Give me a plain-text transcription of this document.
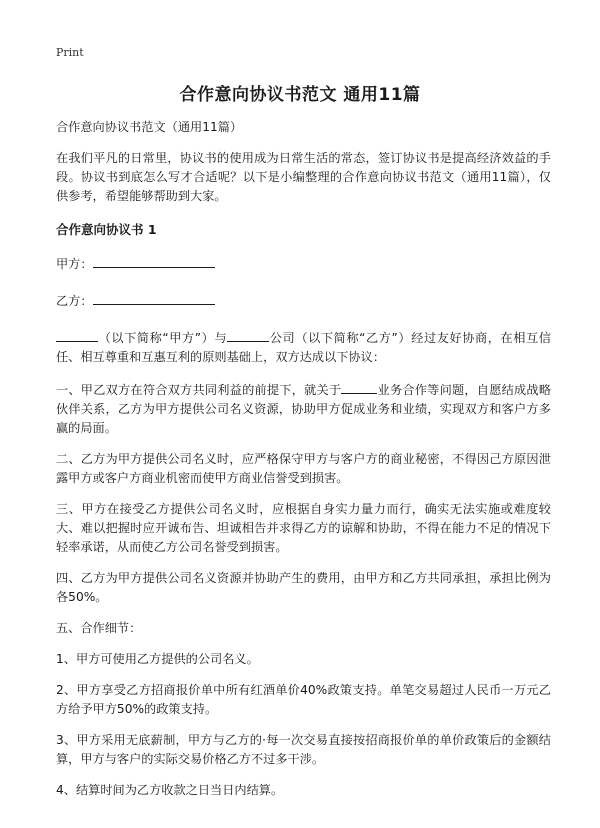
Print
合作意向协议书范文 通用11篇

合作意向协议书范文（通用11篇）

在我们平凡的日常里，协议书的使用成为日常生活的常态，签订协议书是提高经济效益的手段。协议书到底怎么写才合适呢？以下是小编整理的合作意向协议书范文（通用11篇），仅供参考，希望能够帮助到大家。

合作意向协议书 1
甲方：
乙方：

（以下简称“甲方”）与	公司（以下简称“乙方”）经过友好协商，在相互信任、相互尊重和互惠互利的原则基础上，双方达成以下协议：

一、甲乙双方在符合双方共同利益的前提下，就关于	业务合作等问题，自愿结成战略伙伴关系，乙方为甲方提供公司名义资源，协助甲方促成业务和业绩，实现双方和客户方多赢的局面。

二、乙方为甲方提供公司名义时，应严格保守甲方与客户方的商业秘密，不得因己方原因泄露甲方或客户方商业机密而使甲方商业信誉受到损害。

三、甲方在接受乙方提供公司名义时，应根据自身实力量力而行，确实无法实施或难度较大、难以把握时应开诚布告、坦诚相告并求得乙方的谅解和协助，不得在能力不足的情况下轻率承诺，从而使乙方公司名誉受到损害。

四、乙方为甲方提供公司名义资源并协助产生的费用，由甲方和乙方共同承担，承担比例为各50%。

五、合作细节：

1、甲方可使用乙方提供的公司名义。

2、甲方享受乙方招商报价单中所有红酒单价40%政策支持。单笔交易超过人民币一万元乙方给予甲方50%的政策支持。

3、甲方采用无底薪制，甲方与乙方的·每一次交易直接按招商报价单的单价政策后的金额结算，甲方与客户的实际交易价格乙方不过多干涉。

4、结算时间为乙方收款之日当日内结算。
